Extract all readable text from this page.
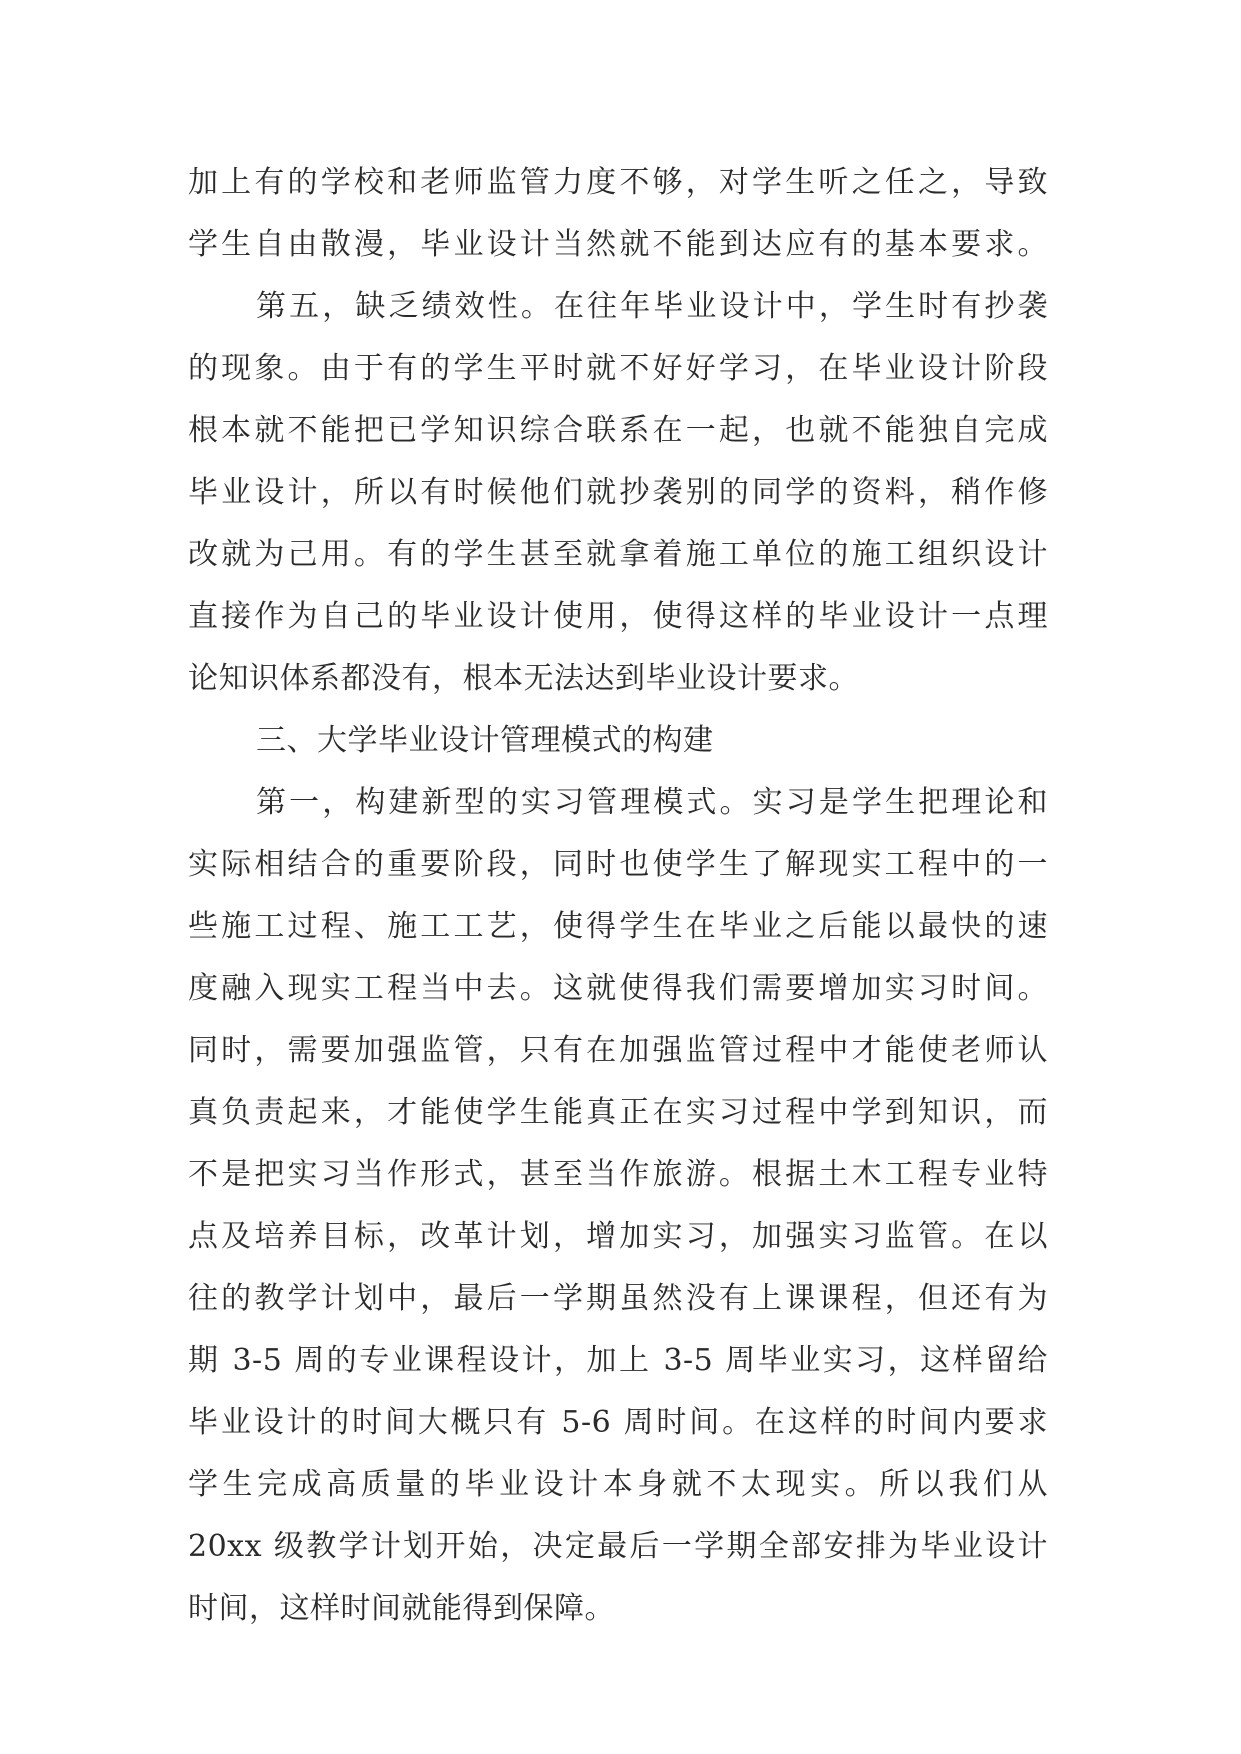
加上有的学校和老师监管力度不够，对学生听之任之，导致
学生自由散漫，毕业设计当然就不能到达应有的基本要求。
第五，缺乏绩效性。在往年毕业设计中，学生时有抄袭
的现象。由于有的学生平时就不好好学习，在毕业设计阶段
根本就不能把已学知识综合联系在一起，也就不能独自完成
毕业设计，所以有时候他们就抄袭别的同学的资料，稍作修
改就为己用。有的学生甚至就拿着施工单位的施工组织设计
直接作为自己的毕业设计使用，使得这样的毕业设计一点理
论知识体系都没有，根本无法达到毕业设计要求。
三、大学毕业设计管理模式的构建
第一，构建新型的实习管理模式。实习是学生把理论和
实际相结合的重要阶段，同时也使学生了解现实工程中的一
些施工过程、施工工艺，使得学生在毕业之后能以最快的速
度融入现实工程当中去。这就使得我们需要增加实习时间。
同时，需要加强监管，只有在加强监管过程中才能使老师认
真负责起来，才能使学生能真正在实习过程中学到知识，而
不是把实习当作形式，甚至当作旅游。根据土木工程专业特
点及培养目标，改革计划，增加实习，加强实习监管。在以
往的教学计划中，最后一学期虽然没有上课课程，但还有为
期 3-5 周的专业课程设计，加上 3-5 周毕业实习，这样留给
毕业设计的时间大概只有 5-6 周时间。在这样的时间内要求
学生完成高质量的毕业设计本身就不太现实。所以我们从
20xx 级教学计划开始，决定最后一学期全部安排为毕业设计
时间，这样时间就能得到保障。
